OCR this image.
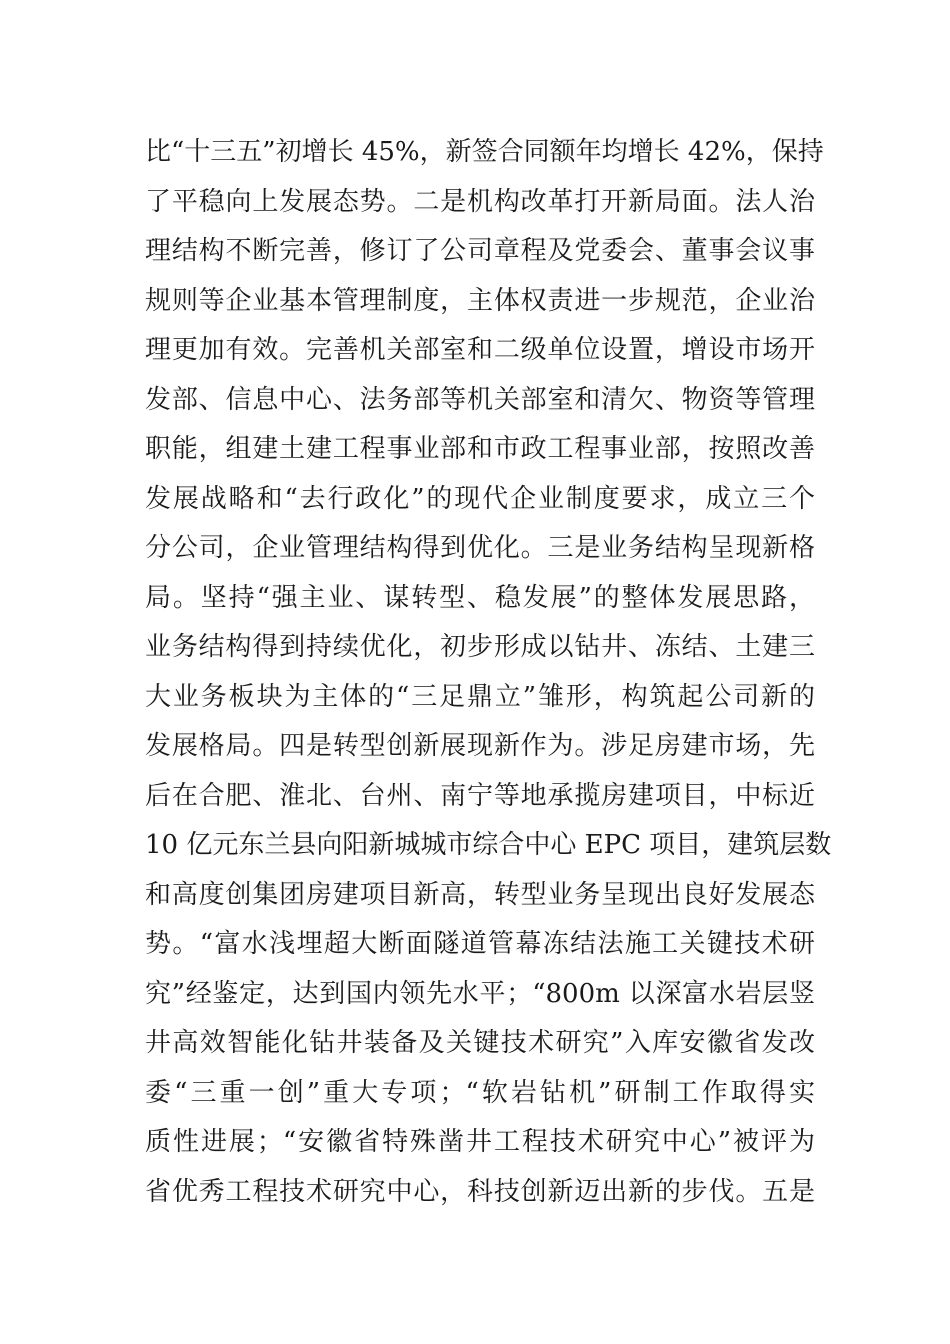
比“十三五”初增长 45%，新签合同额年均增长 42%，保持
了平稳向上发展态势。二是机构改革打开新局面。法人治
理结构不断完善，修订了公司章程及党委会、董事会议事
规则等企业基本管理制度，主体权责进一步规范，企业治
理更加有效。完善机关部室和二级单位设置，增设市场开
发部、信息中心、法务部等机关部室和清欠、物资等管理
职能，组建土建工程事业部和市政工程事业部，按照改善
发展战略和“去行政化”的现代企业制度要求，成立三个
分公司，企业管理结构得到优化。三是业务结构呈现新格
局。坚持“强主业、谋转型、稳发展”的整体发展思路，
业务结构得到持续优化，初步形成以钻井、冻结、土建三
大业务板块为主体的“三足鼎立”雏形，构筑起公司新的
发展格局。四是转型创新展现新作为。涉足房建市场，先
后在合肥、淮北、台州、南宁等地承揽房建项目，中标近
10 亿元东兰县向阳新城城市综合中心 EPC 项目，建筑层数
和高度创集团房建项目新高，转型业务呈现出良好发展态
势。“富水浅埋超大断面隧道管幕冻结法施工关键技术研
究”经鉴定，达到国内领先水平；“800m 以深富水岩层竖
井高效智能化钻井装备及关键技术研究”入库安徽省发改
委“三重一创”重大专项；“软岩钻机”研制工作取得实
质性进展；“安徽省特殊凿井工程技术研究中心”被评为
省优秀工程技术研究中心，科技创新迈出新的步伐。五是
